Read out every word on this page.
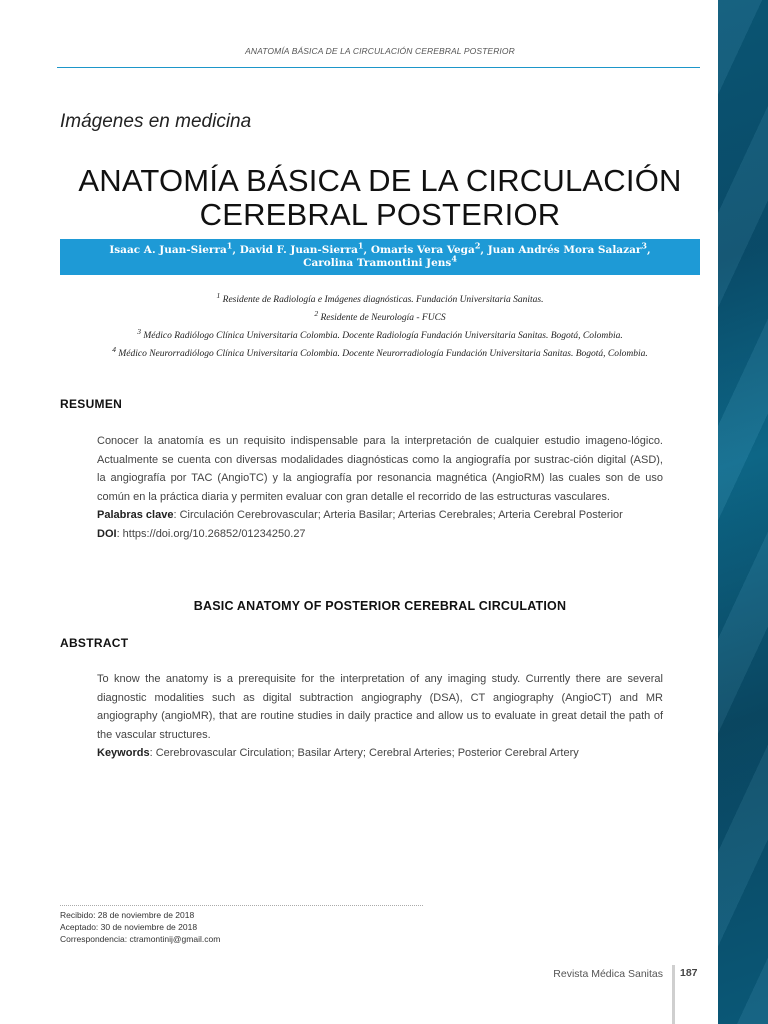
ANATOMÍA BÁSICA DE LA CIRCULACIÓN CEREBRAL POSTERIOR
Imágenes en medicina
ANATOMÍA BÁSICA DE LA CIRCULACIÓN
CEREBRAL POSTERIOR
Isaac A. Juan-Sierra$^1$, David F. Juan-Sierra$^1$, Omaris Vera Vega$^2$, Juan Andrés Mora Salazar$^3$,
Carolina Tramontini Jens$^4$
$^1$ Residente de Radiología e Imágenes diagnósticas. Fundación Universitaria Sanitas.
$^2$ Residente de Neurología - FUCS
$^3$ Médico Radiólogo Clínica Universitaria Colombia. Docente Radiología Fundación Universitaria Sanitas. Bogotá, Colombia.
$^4$ Médico Neurorradiólogo Clínica Universitaria Colombia. Docente Neurorradiología Fundación Universitaria Sanitas. Bogotá, Colombia.
RESUMEN
Conocer la anatomía es un requisito indispensable para la interpretación de cualquier estudio imageno-lógico. Actualmente se cuenta con diversas modalidades diagnósticas como la angiografía por sustrac-ción digital (ASD), la angiografía por TAC (AngioTC) y la angiografía por resonancia magnética (AngioRM) las cuales son de uso común en la práctica diaria y permiten evaluar con gran detalle el recorrido de las estructuras vasculares.
Palabras clave: Circulación Cerebrovascular; Arteria Basilar; Arterias Cerebrales; Arteria Cerebral Posterior
DOI: https://doi.org/10.26852/01234250.27
BASIC ANATOMY OF POSTERIOR CEREBRAL CIRCULATION
ABSTRACT
To know the anatomy is a prerequisite for the interpretation of any imaging study. Currently there are several diagnostic modalities such as digital subtraction angiography (DSA), CT angiography (AngioCT) and MR angiography (angioMR), that are routine studies in daily practice and allow us to evaluate in great detail the path of the vascular structures.
Keywords: Cerebrovascular Circulation; Basilar Artery; Cerebral Arteries; Posterior Cerebral Artery
Recibido: 28 de noviembre de 2018
Aceptado: 30 de noviembre de 2018
Correspondencia: ctramontinij@gmail.com
Revista Médica Sanitas 187
